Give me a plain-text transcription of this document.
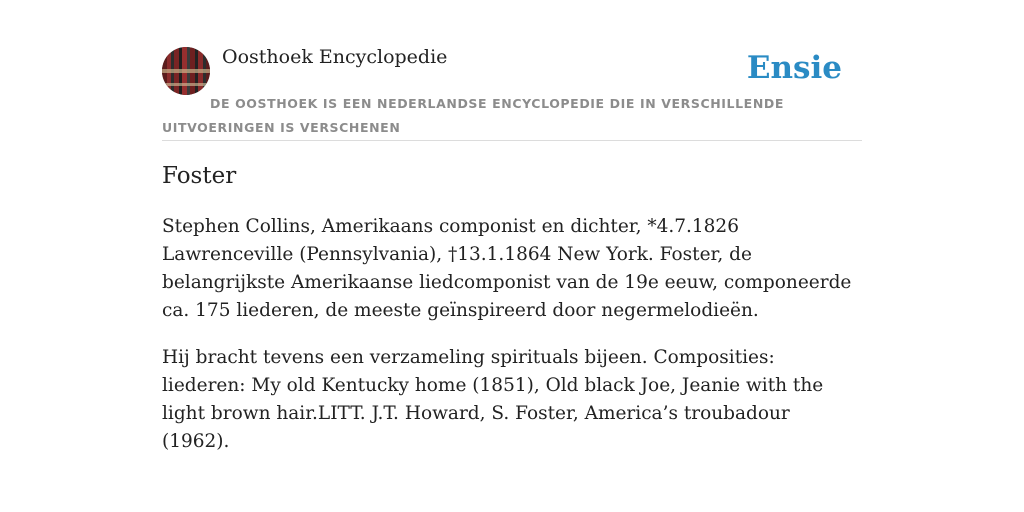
Oosthoek Encyclopedie	Ensie
DE OOSTHOEK IS EEN NEDERLANDSE ENCYCLOPEDIE DIE IN VERSCHILLENDE UITVOERINGEN IS VERSCHENEN
Foster

Stephen Collins, Amerikaans componist en dichter, *4.7.1826 Lawrenceville (Pennsylvania), †13.1.1864 New York. Foster, de belangrijkste Amerikaanse liedcomponist van de 19e eeuw, componeerde ca. 175 liederen, de meeste geïnspireerd door negermelodieën.

Hij bracht tevens een verzameling spirituals bijeen. Composities: liederen: My old Kentucky home (1851), Old black Joe, Jeanie with the light brown hair.LITT. J.T. Howard, S. Foster, America’s troubadour (1962).
